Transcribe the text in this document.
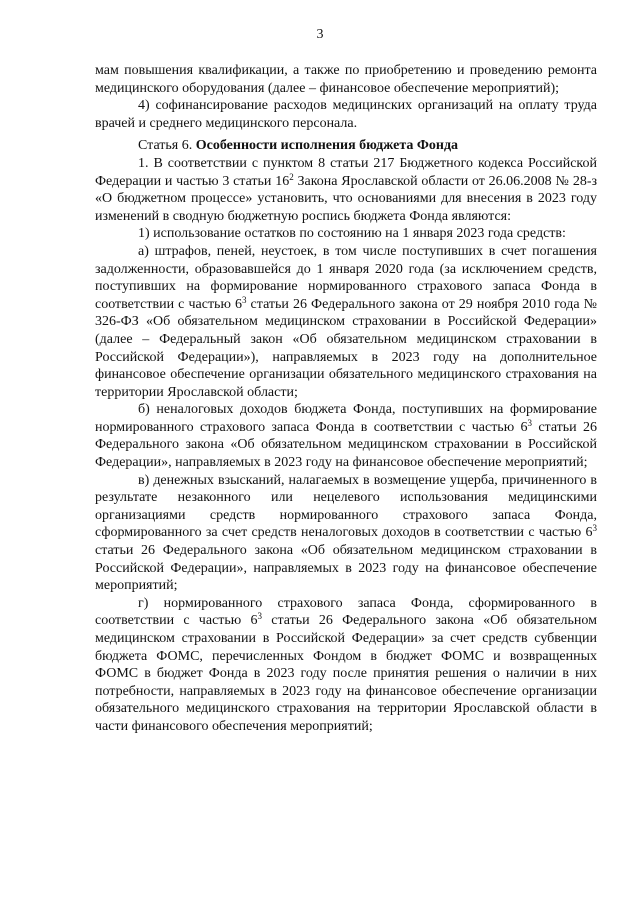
3

мам повышения квалификации, а также по приобретению и проведению ремонта медицинского оборудования (далее – финансовое обеспечение мероприятий);

4) софинансирование расходов медицинских организаций на оплату труда врачей и среднего медицинского персонала.

Статья 6. Особенности исполнения бюджета Фонда

1. В соответствии с пунктом 8 статьи 217 Бюджетного кодекса Российской Федерации и частью 3 статьи $16^2$ Закона Ярославской области от 26.06.2008 № 28-з «О бюджетном процессе» установить, что основаниями для внесения в 2023 году изменений в сводную бюджетную роспись бюджета Фонда являются:

1) использование остатков по состоянию на 1 января 2023 года средств:

а) штрафов, пеней, неустоек, в том числе поступивших в счет погашения задолженности, образовавшейся до 1 января 2020 года (за исключением средств, поступивших на формирование нормированного страхового запаса Фонда в соответствии с частью $6^3$ статьи 26 Федерального закона от 29 ноября 2010 года № 326-ФЗ «Об обязательном медицинском страховании в Российской Федерации» (далее – Федеральный закон «Об обязательном медицинском страховании в Российской Федерации»), направляемых в 2023 году на дополнительное финансовое обеспечение организации обязательного медицинского страхования на территории Ярославской области;

б) неналоговых доходов бюджета Фонда, поступивших на формирование нормированного страхового запаса Фонда в соответствии с частью $6^3$ статьи 26 Федерального закона «Об обязательном медицинском страховании в Российской Федерации», направляемых в 2023 году на финансовое обеспечение мероприятий;

в) денежных взысканий, налагаемых в возмещение ущерба, причиненного в результате незаконного или нецелевого использования медицинскими организациями средств нормированного страхового запаса Фонда, сформированного за счет средств неналоговых доходов в соответствии с частью $6^3$ статьи 26 Федерального закона «Об обязательном медицинском страховании в Российской Федерации», направляемых в 2023 году на финансовое обеспечение мероприятий;

г) нормированного страхового запаса Фонда, сформированного в соответствии с частью $6^3$ статьи 26 Федерального закона «Об обязательном медицинском страховании в Российской Федерации» за счет средств субвенции бюджета ФОМС, перечисленных Фондом в бюджет ФОМС и возвращенных ФОМС в бюджет Фонда в 2023 году после принятия решения о наличии в них потребности, направляемых в 2023 году на финансовое обеспечение организации обязательного медицинского страхования на территории Ярославской области в части финансового обеспечения мероприятий;
